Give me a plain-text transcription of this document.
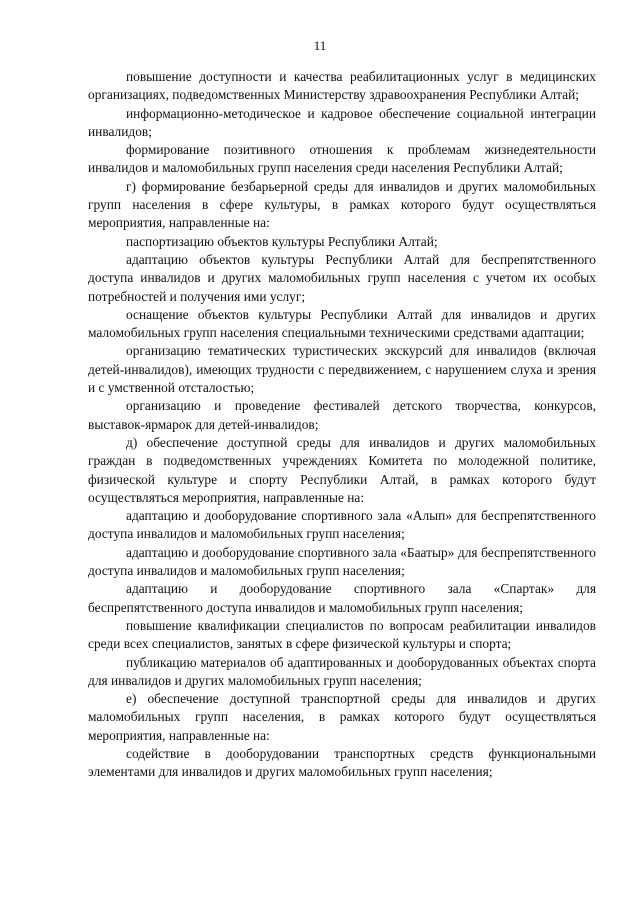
11

повышение доступности и качества реабилитационных услуг в медицинских организациях, подведомственных Министерству здравоохранения Республики Алтай;

информационно-методическое и кадровое обеспечение социальной интеграции инвалидов;

формирование позитивного отношения к проблемам жизнедеятельности инвалидов и маломобильных групп населения среди населения Республики Алтай;

г) формирование безбарьерной среды для инвалидов и других маломобильных групп населения в сфере культуры, в рамках которого будут осуществляться мероприятия, направленные на:

паспортизацию объектов культуры Республики Алтай;

адаптацию объектов культуры Республики Алтай для беспрепятственного доступа инвалидов и других маломобильных групп населения с учетом их особых потребностей и получения ими услуг;

оснащение объектов культуры Республики Алтай для инвалидов и других маломобильных групп населения специальными техническими средствами адаптации;

организацию тематических туристических экскурсий для инвалидов (включая детей-инвалидов), имеющих трудности с передвижением, с нарушением слуха и зрения и с умственной отсталостью;

организацию и проведение фестивалей детского творчества, конкурсов, выставок-ярмарок для детей-инвалидов;

д) обеспечение доступной среды для инвалидов и других маломобильных граждан в подведомственных учреждениях Комитета по молодежной политике, физической культуре и спорту Республики Алтай, в рамках которого будут осуществляться мероприятия, направленные на:

адаптацию и дооборудование спортивного зала «Алып» для беспрепятственного доступа инвалидов и маломобильных групп населения;

адаптацию и дооборудование спортивного зала «Баатыр» для беспрепятственного доступа инвалидов и маломобильных групп населения;

адаптацию и дооборудование спортивного зала «Спартак» для беспрепятственного доступа инвалидов и маломобильных групп населения;

повышение квалификации специалистов по вопросам реабилитации инвалидов среди всех специалистов, занятых в сфере физической культуры и спорта;

публикацию материалов об адаптированных и дооборудованных объектах спорта для инвалидов и других маломобильных групп населения;

е) обеспечение доступной транспортной среды для инвалидов и других маломобильных групп населения, в рамках которого будут осуществляться мероприятия, направленные на:

содействие в дооборудовании транспортных средств функциональными элементами для инвалидов и других маломобильных групп населения;
